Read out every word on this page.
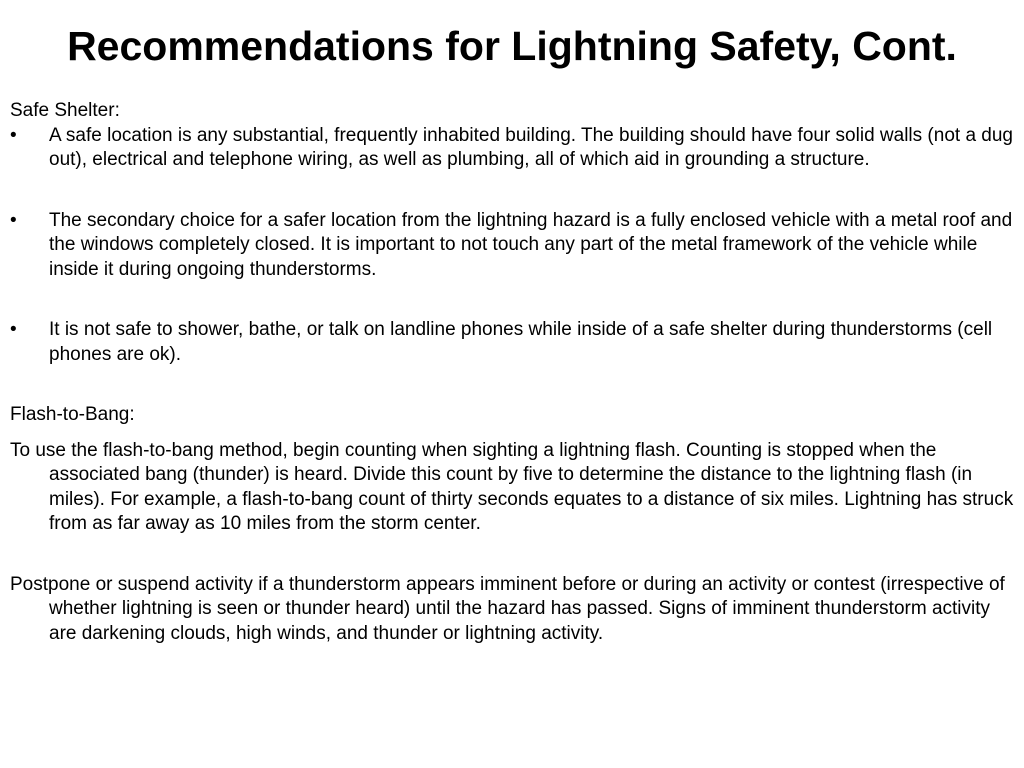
Recommendations for Lightning Safety, Cont.

Safe Shelter:

• A safe location is any substantial, frequently inhabited building. The building should have four solid walls (not a dug out), electrical and telephone wiring, as well as plumbing, all of which aid in grounding a structure.
• The secondary choice for a safer location from the lightning hazard is a fully enclosed vehicle with a metal roof and the windows completely closed. It is important to not touch any part of the metal framework of the vehicle while inside it during ongoing thunderstorms.
• It is not safe to shower, bathe, or talk on landline phones while inside of a safe shelter during thunderstorms (cell phones are ok).

Flash-to-Bang:

To use the flash-to-bang method, begin counting when sighting a lightning flash. Counting is stopped when the associated bang (thunder) is heard. Divide this count by five to determine the distance to the lightning flash (in miles). For example, a flash-to-bang count of thirty seconds equates to a distance of six miles. Lightning has struck from as far away as 10 miles from the storm center.

Postpone or suspend activity if a thunderstorm appears imminent before or during an activity or contest (irrespective of whether lightning is seen or thunder heard) until the hazard has passed. Signs of imminent thunderstorm activity are darkening clouds, high winds, and thunder or lightning activity.
